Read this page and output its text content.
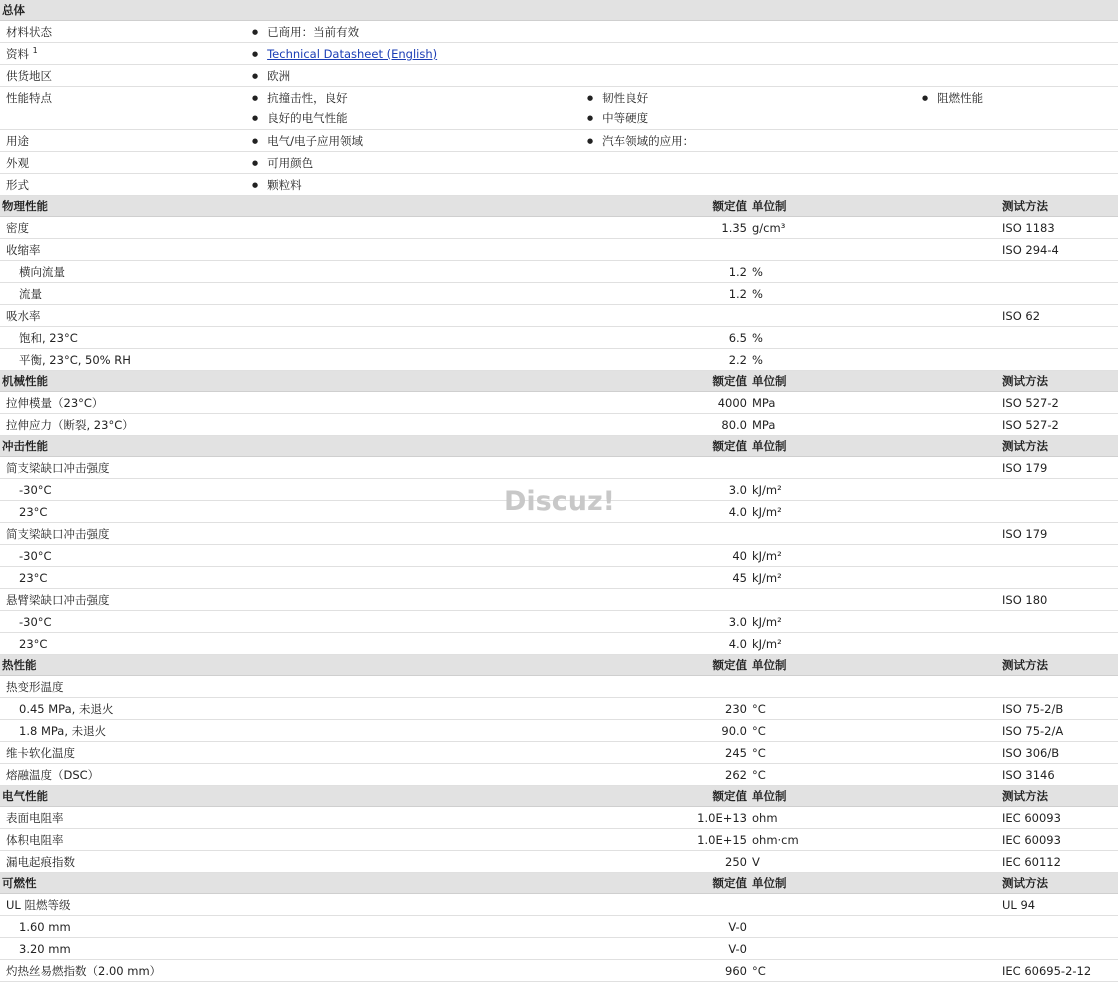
总体
材料状态	● 已商用：当前有效
资料 $^1$	● Technical Datasheet (English)
供货地区	● 欧洲
性能特点	● 抗撞击性，良好	● 韧性良好	● 阻燃性能
● 良好的电气性能	● 中等硬度
用途	● 电气/电子应用领域	● 汽车领域的应用：
外观	● 可用颜色
形式	● 颗粒料
物理性能	额定值 单位制	测试方法
密度	1.35 g/cm³	ISO 1183
收缩率	ISO 294-4
横向流量	1.2 %
流量	1.2 %
吸水率	ISO 62
饱和, 23°C	6.5 %
平衡, 23°C, 50% RH	2.2 %
机械性能	额定值 单位制	测试方法
拉伸模量（23°C）	4000 MPa	ISO 527-2
拉伸应力（断裂, 23°C）	80.0 MPa	ISO 527-2
冲击性能	额定值 单位制	测试方法
简支梁缺口冲击强度	ISO 179
-30°C	3.0 kJ/m²
23°C	4.0 kJ/m²
简支梁缺口冲击强度	ISO 179
-30°C	40 kJ/m²
23°C	45 kJ/m²
悬臂梁缺口冲击强度	ISO 180
-30°C	3.0 kJ/m²
23°C	4.0 kJ/m²
热性能	额定值 单位制	测试方法
热变形温度
0.45 MPa, 未退火	230 °C	ISO 75-2/B
1.8 MPa, 未退火	90.0 °C	ISO 75-2/A
维卡软化温度	245 °C	ISO 306/B
熔融温度（DSC）	262 °C	ISO 3146
电气性能	额定值 单位制	测试方法
表面电阻率	1.0E+13 ohm	IEC 60093
体积电阻率	1.0E+15 ohm·cm	IEC 60093
漏电起痕指数	250 V	IEC 60112
可燃性	额定值 单位制	测试方法
UL 阻燃等级	UL 94
1.60 mm	V-0
3.20 mm	V-0
灼热丝易燃指数（2.00 mm）	960 °C	IEC 60695-2-12
Discuz!
